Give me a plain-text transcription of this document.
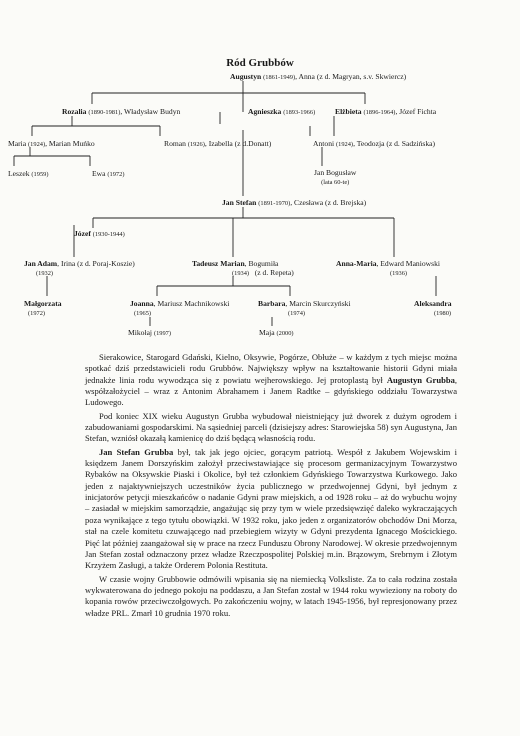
Ród Grubbów
Augustyn (1861-1949), Anna (z d. Magryan, s.v. Skwiercz)
Rozalia (1890-1981), Władysław Budyn	Agnieszka (1893-1966)	Elżbieta (1896-1964), Józef Fichta
Maria (1924), Marian Muńko	Roman (1926), Izabella (z d.Donatt)	Antoni (1924), Teodozja (z d. Sadzińska)
Leszek (1959)	Ewa (1972)	Jan Bogusław
(lata 60-te)
Jan Stefan (1891-1970), Czesława (z d. Brejska)
Józef (1930-1944)
Jan Adam, Irina (z d. Poraj-Koszie)
(1932)
Tadeusz Marian, Bogumiła
(1934) (z d. Repeta)
Anna-Maria, Edward Maniowski
(1936)
Małgorzata
(1972)
Joanna, Mariusz Machnikowski
(1965)
Barbara, Marcin Skurczyński
(1974)
Aleksandra
(1980)
Mikołaj (1997)	Maja (2000)

Sierakowice, Starogard Gdański, Kielno, Oksywie, Pogórze, Obłuże – w każdym z tych miejsc można spotkać dziś przedstawicieli rodu Grubbów. Największy wpływ na kształtowanie historii Gdyni miała jednakże linia rodu wywodząca się z powiatu wejherowskiego. Jej protoplastą był Augustyn Grubba, współzałożyciel – wraz z Antonim Abrahamem i Janem Radtke – gdyńskiego oddziału Towarzystwa Ludowego.

Pod koniec XIX wieku Augustyn Grubba wybudował nieistniejący już dworek z dużym ogrodem i zabudowaniami gospodarskimi. Na sąsiedniej parceli (dzisiejszy adres: Starowiejska 58) syn Augustyna, Jan Stefan, wzniósł okazałą kamienicę do dziś będącą własnością rodu.

Jan Stefan Grubba był, tak jak jego ojciec, gorącym patriotą. Wespół z Jakubem Wojewskim i księdzem Janem Dorszyńskim założył przeciwstawiające się procesom germanizacyjnym Towarzystwo Rybaków na Oksywskie Piaski i Okolice, był też członkiem Gdyńskiego Towarzystwa Kurkowego. Jako jeden z najaktywniejszych uczestników życia publicznego w przedwojennej Gdyni, był jednym z inicjatorów petycji mieszkańców o nadanie Gdyni praw miejskich, a od 1928 roku – aż do wybuchu wojny – zasiadał w miejskim samorządzie, angażując się przy tym w wiele przedsięwzięć daleko wykraczających poza wynikające z tego tytułu obowiązki. W 1932 roku, jako jeden z organizatorów obchodów Dni Morza, stał na czele komitetu czuwającego nad przebiegiem wizyty w Gdyni prezydenta Ignacego Mościckiego. Pięć lat później zaangażował się w prace na rzecz Funduszu Obrony Narodowej. W okresie przedwojennym Jan Stefan został odznaczony przez władze Rzeczpospolitej Polskiej m.in. Brązowym, Srebrnym i Złotym Krzyżem Zasługi, a także Orderem Polonia Restituta.

W czasie wojny Grubbowie odmówili wpisania się na niemiecką Volksliste. Za to cała rodzina została wykwaterowana do jednego pokoju na poddaszu, a Jan Stefan został w 1944 roku wywieziony na roboty do kopania rowów przeciwczołgowych. Po zakończeniu wojny, w latach 1945-1956, był represjonowany przez władze PRL. Zmarł 10 grudnia 1970 roku.
